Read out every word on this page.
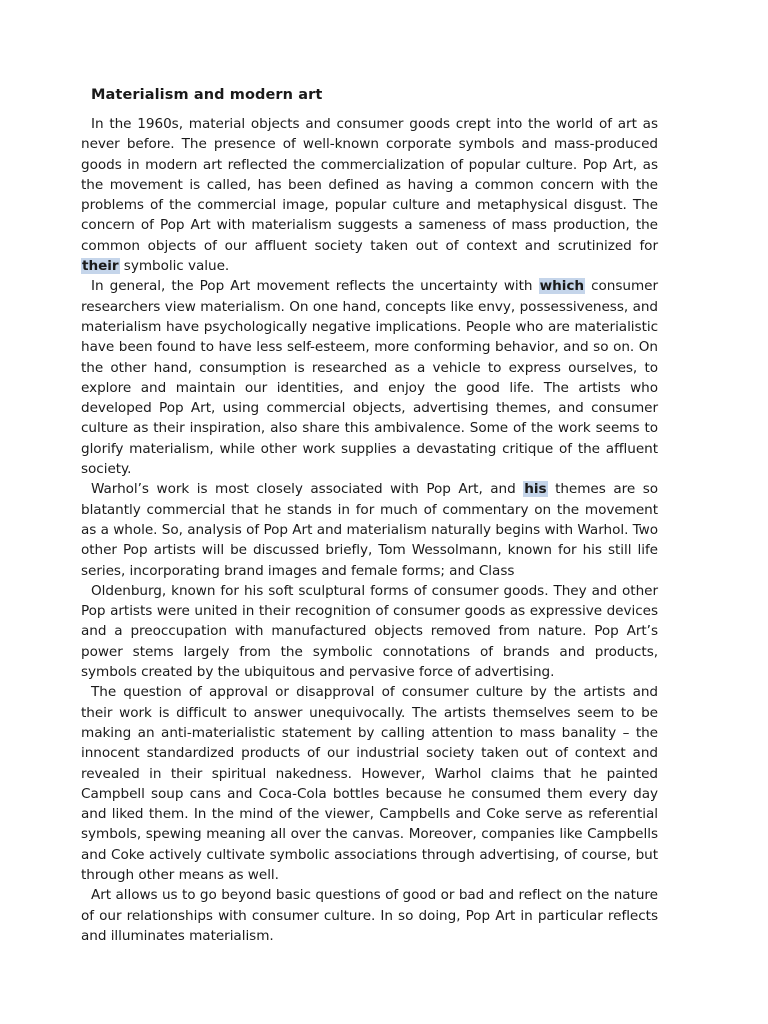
Materialism and modern art

In the 1960s, material objects and consumer goods crept into the world of art as never before. The presence of well-known corporate symbols and mass-produced goods in modern art reflected the commercialization of popular culture. Pop Art, as the movement is called, has been defined as having a common concern with the problems of the commercial image, popular culture and metaphysical disgust. The concern of Pop Art with materialism suggests a sameness of mass production, the common objects of our affluent society taken out of context and scrutinized for their symbolic value.

In general, the Pop Art movement reflects the uncertainty with which consumer researchers view materialism. On one hand, concepts like envy, possessiveness, and materialism have psychologically negative implications. People who are materialistic have been found to have less self-esteem, more conforming behavior, and so on. On the other hand, consumption is researched as a vehicle to express ourselves, to explore and maintain our identities, and enjoy the good life. The artists who developed Pop Art, using commercial objects, advertising themes, and consumer culture as their inspiration, also share this ambivalence. Some of the work seems to glorify materialism, while other work supplies a devastating critique of the affluent society.

Warhol’s work is most closely associated with Pop Art, and his themes are so blatantly commercial that he stands in for much of commentary on the movement as a whole. So, analysis of Pop Art and materialism naturally begins with Warhol. Two other Pop artists will be discussed briefly, Tom Wessolmann, known for his still life series, incorporating brand images and female forms; and Class

Oldenburg, known for his soft sculptural forms of consumer goods. They and other Pop artists were united in their recognition of consumer goods as expressive devices and a preoccupation with manufactured objects removed from nature. Pop Art’s power stems largely from the symbolic connotations of brands and products, symbols created by the ubiquitous and pervasive force of advertising.

The question of approval or disapproval of consumer culture by the artists and their work is difficult to answer unequivocally. The artists themselves seem to be making an anti-materialistic statement by calling attention to mass banality – the innocent standardized products of our industrial society taken out of context and revealed in their spiritual nakedness. However, Warhol claims that he painted Campbell soup cans and Coca-Cola bottles because he consumed them every day and liked them. In the mind of the viewer, Campbells and Coke serve as referential symbols, spewing meaning all over the canvas. Moreover, companies like Campbells and Coke actively cultivate symbolic associations through advertising, of course, but through other means as well.

Art allows us to go beyond basic questions of good or bad and reflect on the nature of our relationships with consumer culture. In so doing, Pop Art in particular reflects and illuminates materialism.
